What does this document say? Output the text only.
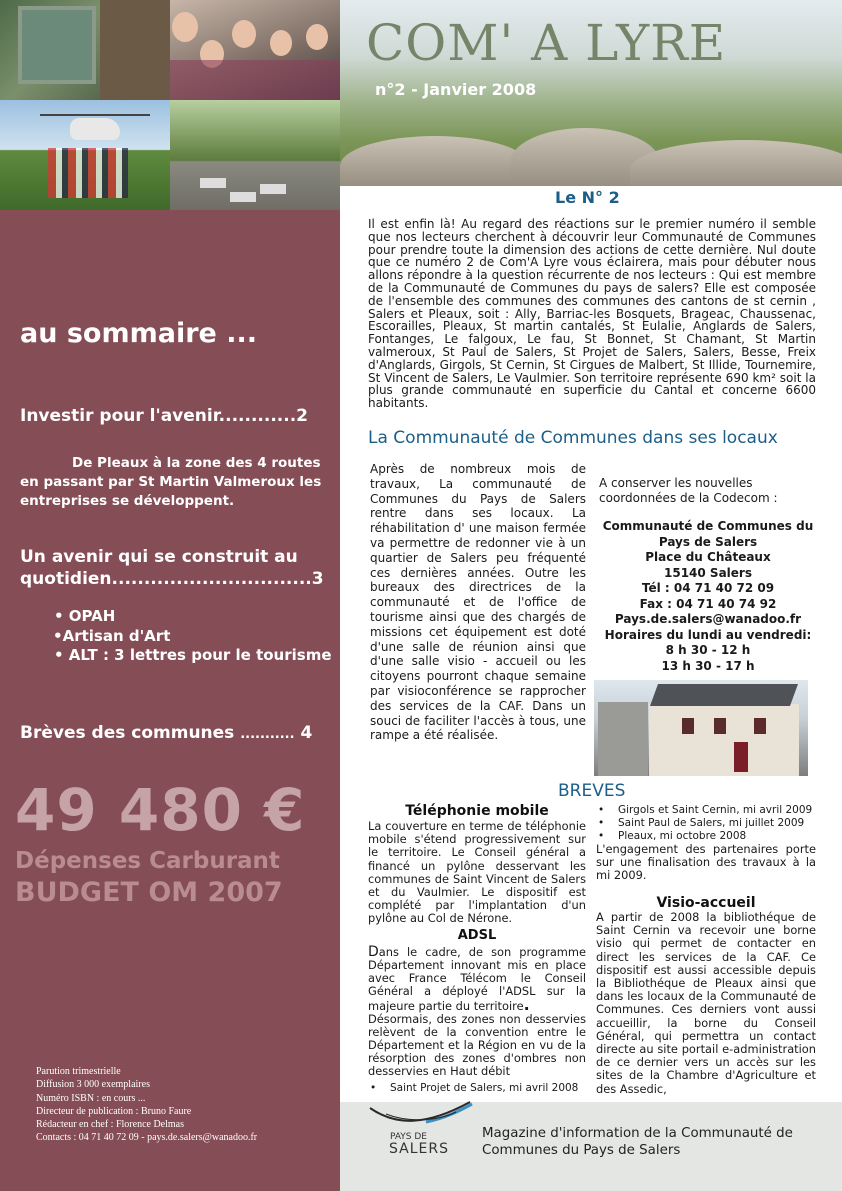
au sommaire ...
Investir pour l'avenir............2
De Pleaux à la zone des 4 routes en passant par St Martin Valmeroux les entreprises se développent.
Un avenir qui se construit au
quotidien...............................3
• OPAH
•Artisan d'Art
• ALT : 3 lettres pour le tourisme
Brèves des communes ........... 4
49 480 €
Dépenses Carburant
BUDGET OM 2007
Parution trimestrielle
Diffusion 3 000 exemplaires
Numéro ISBN : en cours ...
Directeur de publication : Bruno Faure
Rédacteur en chef : Florence Delmas
Contacts : 04 71 40 72 09 - pays.de.salers@wanadoo.fr
COM' A LYRE
n°2 - Janvier 2008
Le N° 2
Il est enfin là! Au regard des réactions sur le premier numéro il semble que nos lecteurs cherchent à découvrir leur Communauté de Communes pour prendre toute la dimension des actions de cette dernière. Nul doute que ce numéro 2 de Com'A Lyre vous éclairera, mais pour débuter nous allons répondre à la question récurrente de nos lecteurs : Qui est membre de la Communauté de Communes du pays de salers? Elle est composée de l'ensemble des communes des communes des cantons de st cernin , Salers et Pleaux, soit : Ally, Barriac-les Bosquets, Brageac, Chaussenac, Escorailles, Pleaux, St martin cantalés, St Eulalie, Anglards de Salers, Fontanges, Le falgoux, Le fau, St Bonnet, St Chamant, St Martin valmeroux, St Paul de Salers, St Projet de Salers, Salers, Besse, Freix d'Anglards, Girgols, St Cernin, St Cirgues de Malbert, St Illide, Tournemire, St Vincent de Salers, Le Vaulmier. Son territoire représente 690 km² soit la plus grande communauté en superficie du Cantal et concerne 6600 habitants.
La Communauté de Communes dans ses locaux
Après de nombreux mois de travaux, La communauté de Communes du Pays de Salers rentre dans ses locaux. La réhabilitation d' une maison fermée va permettre de redonner vie à un quartier de Salers peu fréquenté ces dernières années. Outre les bureaux des directrices de la communauté et de l'office de tourisme ainsi que des chargés de missions cet équipement est doté d'une salle de réunion ainsi que d'une salle visio - accueil ou les citoyens pourront chaque semaine par visioconférence se rapprocher des services de la CAF. Dans un souci de faciliter l'accès à tous, une rampe a été réalisée.
A conserver les nouvelles coordonnées de la Codecom :
Communauté de Communes du
Pays de Salers
Place du Châteaux
15140 Salers
Tél : 04 71 40 72 09
Fax : 04 71 40 74 92
Pays.de.salers@wanadoo.fr
Horaires du lundi au vendredi:
8 h 30 - 12 h
13 h 30 - 17 h
BREVES
Téléphonie mobile
La couverture en terme de téléphonie mobile s'étend progressivement sur le territoire. Le Conseil général a financé un pylône desservant les communes de Saint Vincent de Salers et du Vaulmier. Le dispositif est complété par l'implantation d'un pylône au Col de Nérone.
ADSL
Dans le cadre, de son programme Département innovant mis en place avec France Télécom le Conseil Général a déployé l'ADSL sur la majeure partie du territoire.
Désormais, des zones non desservies relèvent de la convention entre le Département et la Région en vu de la résorption des zones d'ombres non desservies en Haut débit
• Saint Projet de Salers, mi avril 2008
• Girgols et Saint Cernin, mi avril 2009
• Saint Paul de Salers, mi juillet 2009
• Pleaux, mi octobre 2008
L'engagement des partenaires porte sur une finalisation des travaux à la mi 2009.
Visio-accueil
A partir de 2008 la bibliothéque de Saint Cernin va recevoir une borne visio qui permet de contacter en direct les services de la CAF. Ce dispositif est aussi accessible depuis la Bibliothéque de Pleaux ainsi que dans les locaux de la Communauté de Communes. Ces derniers vont aussi accueillir, la borne du Conseil Général, qui permettra un contact directe au site portail e-administration de ce dernier vers un accès sur les sites de la Chambre d'Agriculture et des Assedic,
PAYS DE
SALERS
Magazine d'information de la Communauté de Communes du Pays de Salers
